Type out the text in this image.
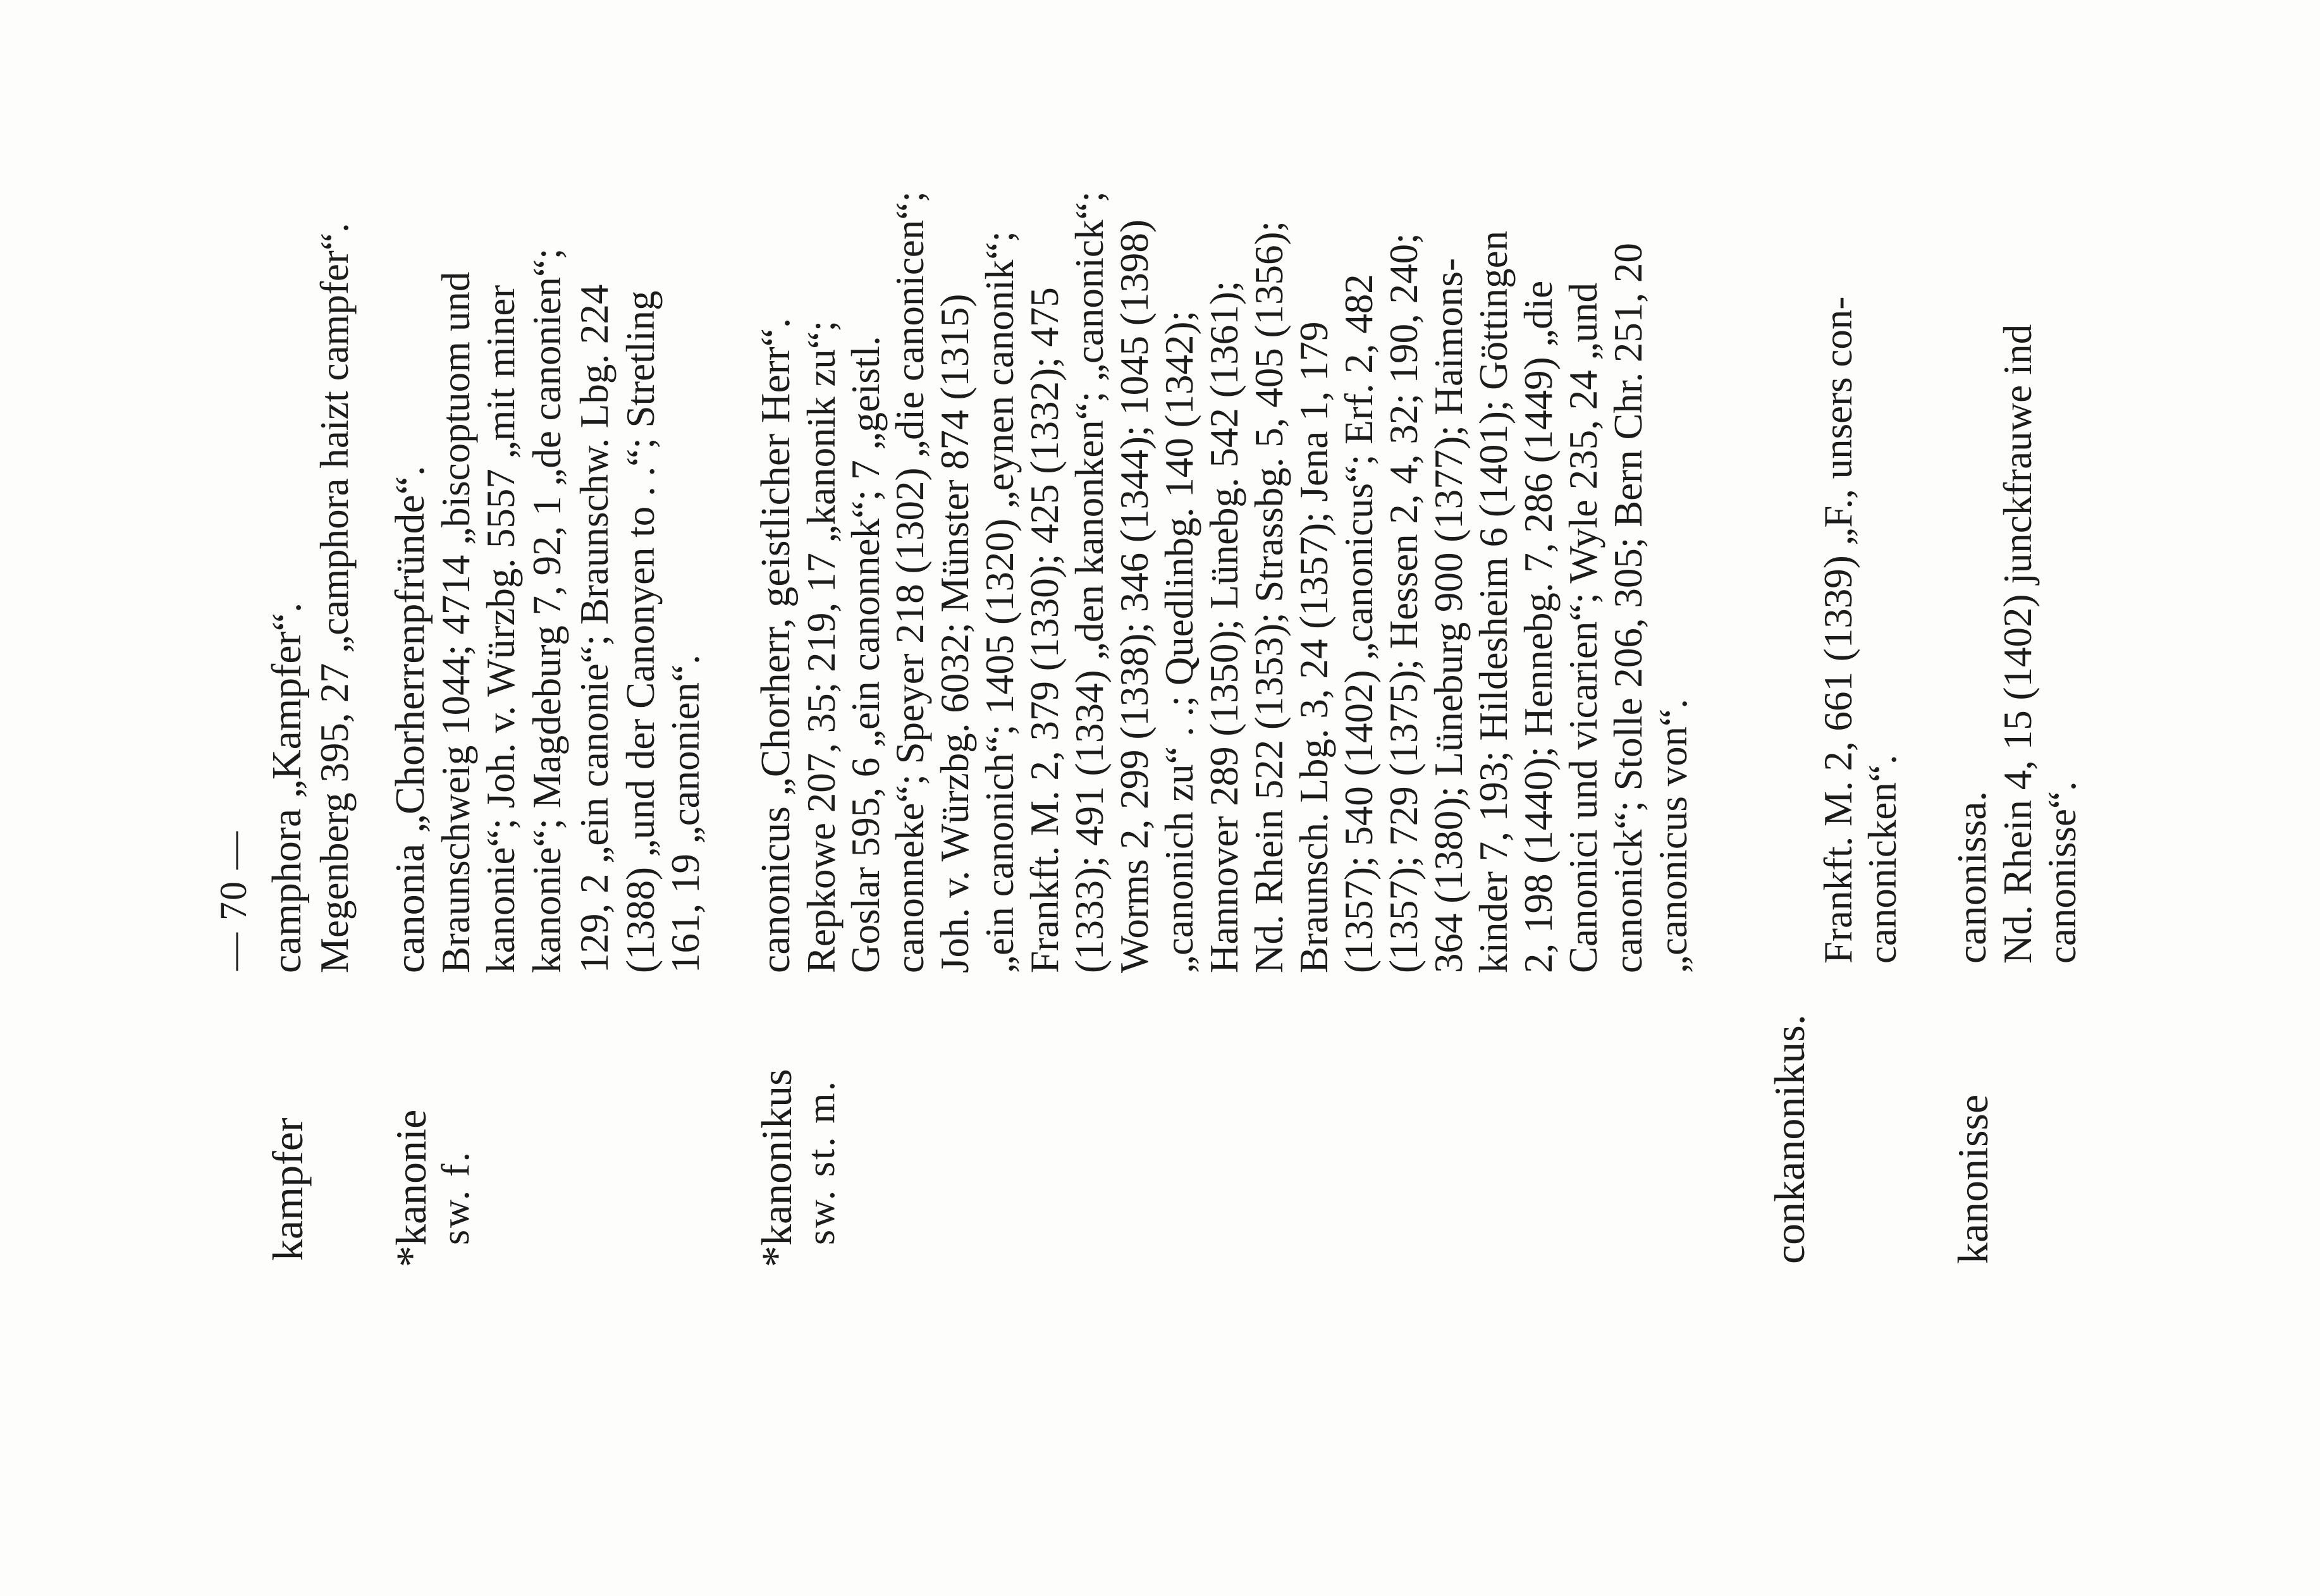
— 70 —
kampfer
camphora „Kampfer“. Megenberg 395, 27 „camphora haizt campfer“.
*kanonie sw. f.
canonia „Chorherrenpfründe“. Braunschweig 1044; 4714 „biscoptuom und kanonie“; Joh. v. Würzbg. 5557 „mit miner kanonie“; Magdeburg 7, 92, 1 „de canonien“; 129, 2 „ein canonie“; Braunschw. Lbg. 224 (1388) „und der Canonyen to . .“; Stretling 161, 19 „canonien“.
*kanonikus sw. st. m.
canonicus „Chorherr, geistlicher Herr“. Repkowe 207, 35; 219, 17 „kanonik zu“; Goslar 595, 6 „ein canonnek“; 7 „geistl. canonneke“; Speyer 218 (1302) „die canonicen“; Joh. v. Würzbg. 6032; Münster 874 (1315) „ein canonich“; 1405 (1320) „eynen canonik“; Frankft. M. 2, 379 (1330); 425 (1332); 475 (1333); 491 (1334) „den kanonken“; „canonick“; Worms 2, 299 (1338); 346 (1344); 1045 (1398) „canonich zu“ . .; Quedlinbg. 140 (1342); Hannover 289 (1350); Lünebg. 542 (1361); Nd. Rhein 522 (1353); Strassbg. 5, 405 (1356); Braunsch. Lbg. 3, 24 (1357); Jena 1, 179 (1357); 540 (1402) „canonicus“; Erf. 2, 482 (1357); 729 (1375); Hessen 2, 4, 32; 190, 240; 364 (1380); Lüneburg 900 (1377); Haimons- kinder 7, 193; Hildesheim 6 (1401); Göttingen 2, 198 (1440); Hennebg. 7, 286 (1449) „die Canonici und vicarien“; Wyle 235, 24 „und canonick“; Stolle 206, 305; Bern Chr. 251, 20 „canonicus von“.
conkanonikus.
Frankft. M. 2, 661 (1339) „F., unsers con- canonicken“.
kanonisse
canonissa. Nd. Rhein 4, 15 (1402) junckfrauwe ind canonisse“.
